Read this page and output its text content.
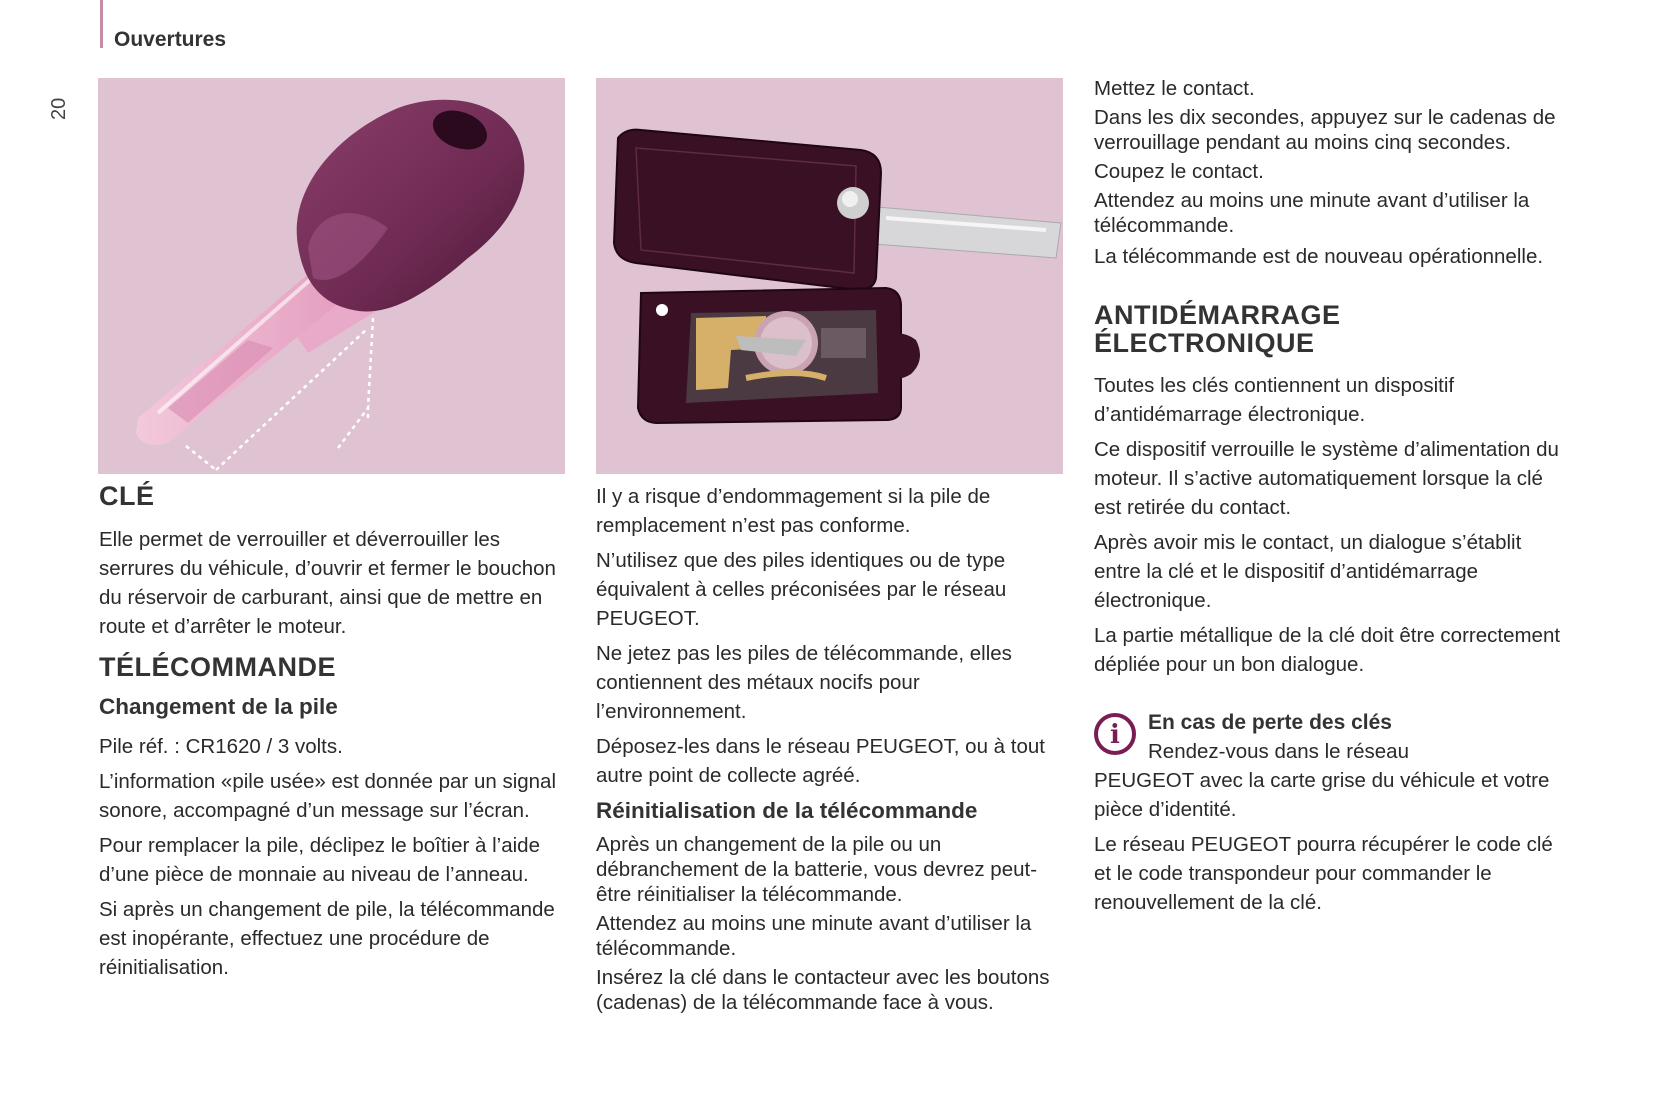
Ouvertures
20
CLÉ

Elle permet de verrouiller et déverrouiller les serrures du véhicule, d’ouvrir et fermer le bouchon du réservoir de carburant, ainsi que de mettre en route et d’arrêter le moteur.

TÉLÉCOMMANDE
Changement de la pile

Pile réf. : CR1620 / 3 volts.

L’information «pile usée» est donnée par un signal sonore, accompagné d’un message sur l’écran.

Pour remplacer la pile, déclipez le boîtier à l’aide d’une pièce de monnaie au niveau de l’anneau.

Si après un changement de pile, la télécommande est inopérante, effectuez une procédure de réinitialisation.

Il y a risque d’endommagement si la pile de remplacement n’est pas conforme.

N’utilisez que des piles identiques ou de type équivalent à celles préconisées par le réseau PEUGEOT.

Ne jetez pas les piles de télécommande, elles contiennent des métaux nocifs pour l’environnement.

Déposez-les dans le réseau PEUGEOT, ou à tout autre point de collecte agréé.

Réinitialisation de la télécommande

Après un changement de la pile ou un débranchement de la batterie, vous devrez peut-être réinitialiser la télécommande.

Attendez au moins une minute avant d’utiliser la télécommande.

Insérez la clé dans le contacteur avec les boutons (cadenas) de la télécommande face à vous.

Mettez le contact.

Dans les dix secondes, appuyez sur le cadenas de verrouillage pendant au moins cinq secondes.

Coupez le contact.

Attendez au moins une minute avant d’utiliser la télécommande.

La télécommande est de nouveau opérationnelle.

ANTIDÉMARRAGE
ÉLECTRONIQUE

Toutes les clés contiennent un dispositif d’antidémarrage électronique.

Ce dispositif verrouille le système d’alimentation du moteur. Il s’active automatiquement lorsque la clé est retirée du contact.

Après avoir mis le contact, un dialogue s’établit entre la clé et le dispositif d’antidémarrage électronique.

La partie métallique de la clé doit être correctement dépliée pour un bon dialogue.

i	En cas de perte des clés

Rendez-vous dans le réseau

PEUGEOT avec la carte grise du véhicule et votre pièce d’identité.

Le réseau PEUGEOT pourra récupérer le code clé et le code transpondeur pour commander le renouvellement de la clé.
